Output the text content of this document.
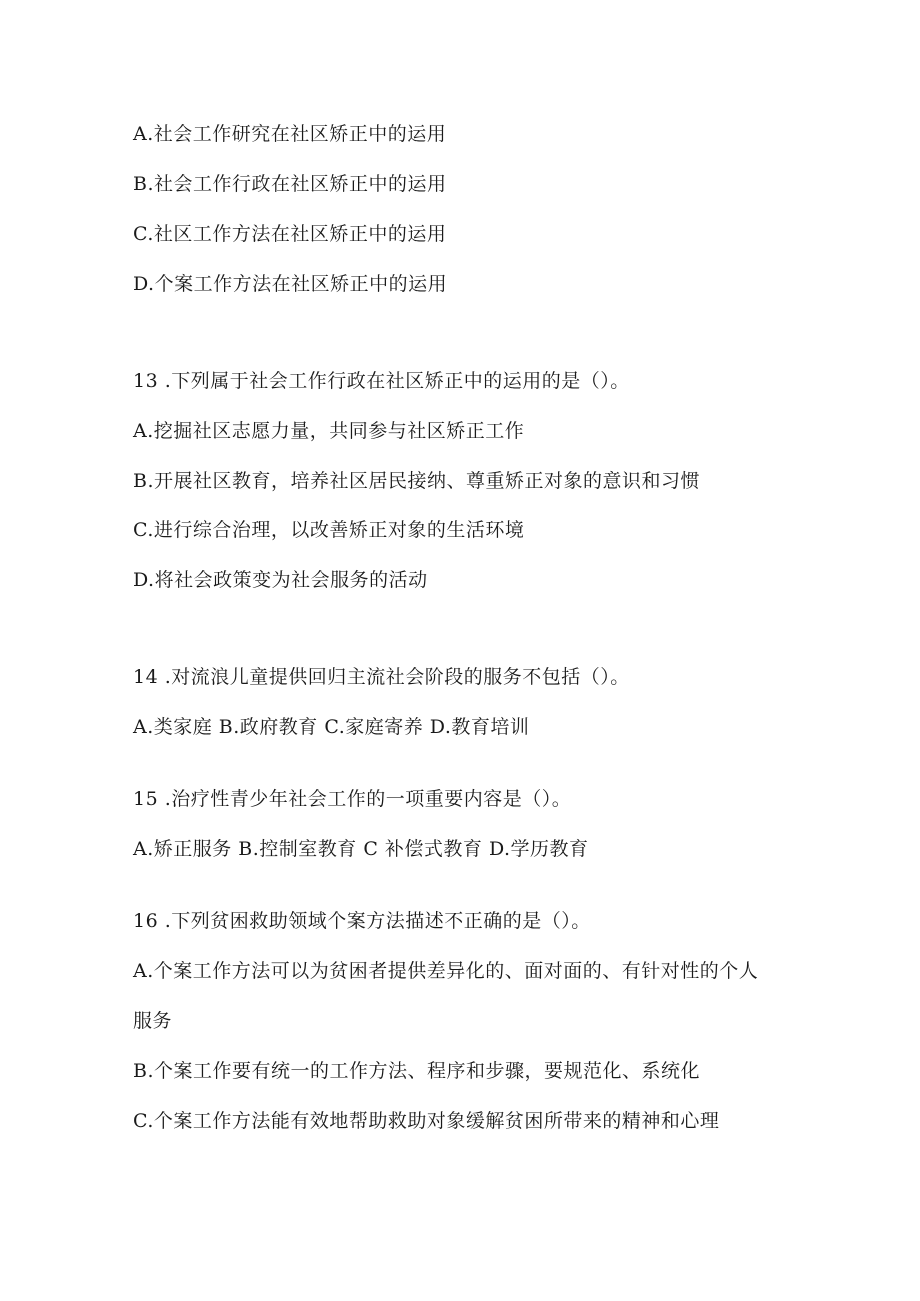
A.社会工作研究在社区矫正中的运用
B.社会工作行政在社区矫正中的运用
C.社区工作方法在社区矫正中的运用
D.个案工作方法在社区矫正中的运用
13 .下列属于社会工作行政在社区矫正中的运用的是（）。
A.挖掘社区志愿力量，共同参与社区矫正工作
B.开展社区教育，培养社区居民接纳、尊重矫正对象的意识和习惯
C.进行综合治理，以改善矫正对象的生活环境
D.将社会政策变为社会服务的活动
14 .对流浪儿童提供回归主流社会阶段的服务不包括（）。
A.类家庭 B.政府教育 C.家庭寄养 D.教育培训
15 .治疗性青少年社会工作的一项重要内容是（）。
A.矫正服务 B.控制室教育 C 补偿式教育 D.学历教育
16 .下列贫困救助领域个案方法描述不正确的是（）。
A.个案工作方法可以为贫困者提供差异化的、面对面的、有针对性的个人
服务
B.个案工作要有统一的工作方法、程序和步骤，要规范化、系统化
C.个案工作方法能有效地帮助救助对象缓解贫困所带来的精神和心理
